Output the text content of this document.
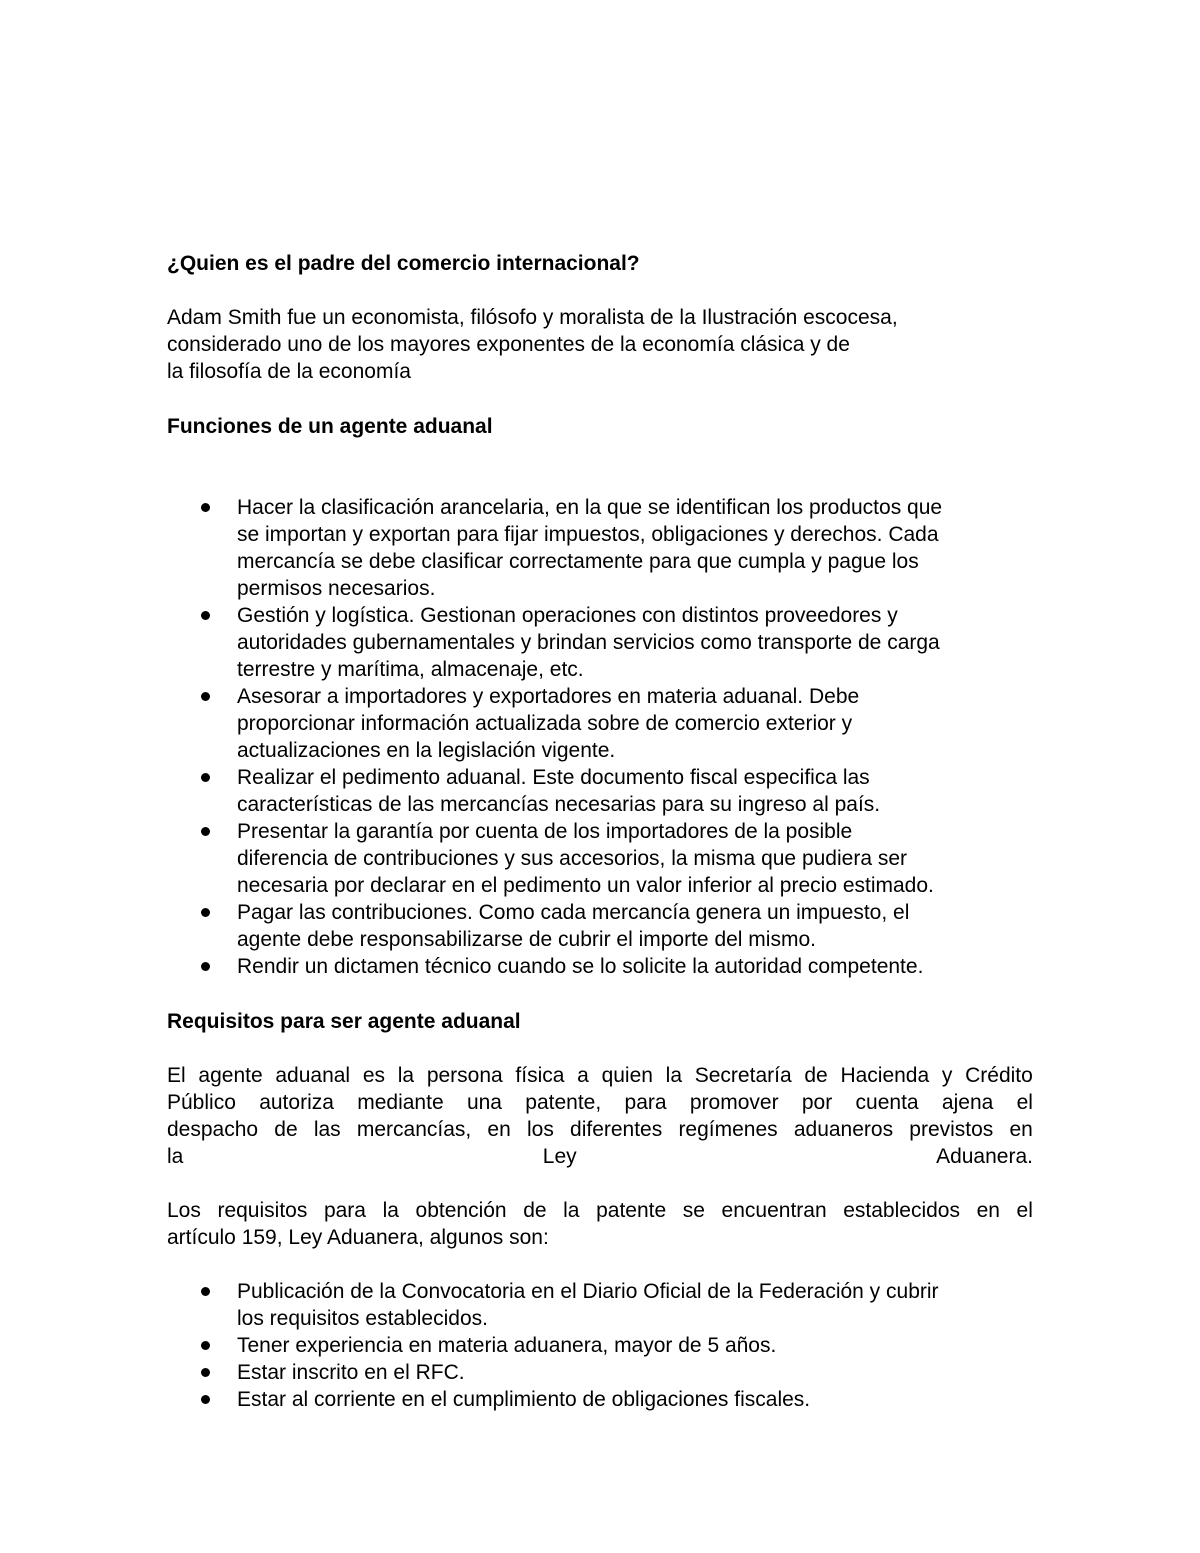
¿Quien es el padre del comercio internacional?

Adam Smith fue un economista, filósofo y moralista de la Ilustración escocesa,
considerado uno de los mayores exponentes de la economía clásica y de
la filosofía de la economía

Funciones de un agente aduanal

Hacer la clasificación arancelaria, en la que se identifican los productos que
se importan y exportan para fijar impuestos, obligaciones y derechos. Cada
mercancía se debe clasificar correctamente para que cumpla y pague los
permisos necesarios.
Gestión y logística. Gestionan operaciones con distintos proveedores y
autoridades gubernamentales y brindan servicios como transporte de carga
terrestre y marítima, almacenaje, etc.
Asesorar a importadores y exportadores en materia aduanal. Debe
proporcionar información actualizada sobre de comercio exterior y
actualizaciones en la legislación vigente.
Realizar el pedimento aduanal. Este documento fiscal especifica las
características de las mercancías necesarias para su ingreso al país.
Presentar la garantía por cuenta de los importadores de la posible
diferencia de contribuciones y sus accesorios, la misma que pudiera ser
necesaria por declarar en el pedimento un valor inferior al precio estimado.
Pagar las contribuciones. Como cada mercancía genera un impuesto, el
agente debe responsabilizarse de cubrir el importe del mismo.
Rendir un dictamen técnico cuando se lo solicite la autoridad competente.

Requisitos para ser agente aduanal

El agente aduanal es la persona física a quien la Secretaría de Hacienda y Crédito
Público autoriza mediante una patente, para promover por cuenta ajena el
despacho de las mercancías, en los diferentes regímenes aduaneros previstos en
la	Ley	Aduanera.

Los requisitos para la obtención de la patente se encuentran establecidos en el
artículo 159, Ley Aduanera, algunos son:

Publicación de la Convocatoria en el Diario Oficial de la Federación y cubrir
los requisitos establecidos.
Tener experiencia en materia aduanera, mayor de 5 años.
Estar inscrito en el RFC.
Estar al corriente en el cumplimiento de obligaciones fiscales.
